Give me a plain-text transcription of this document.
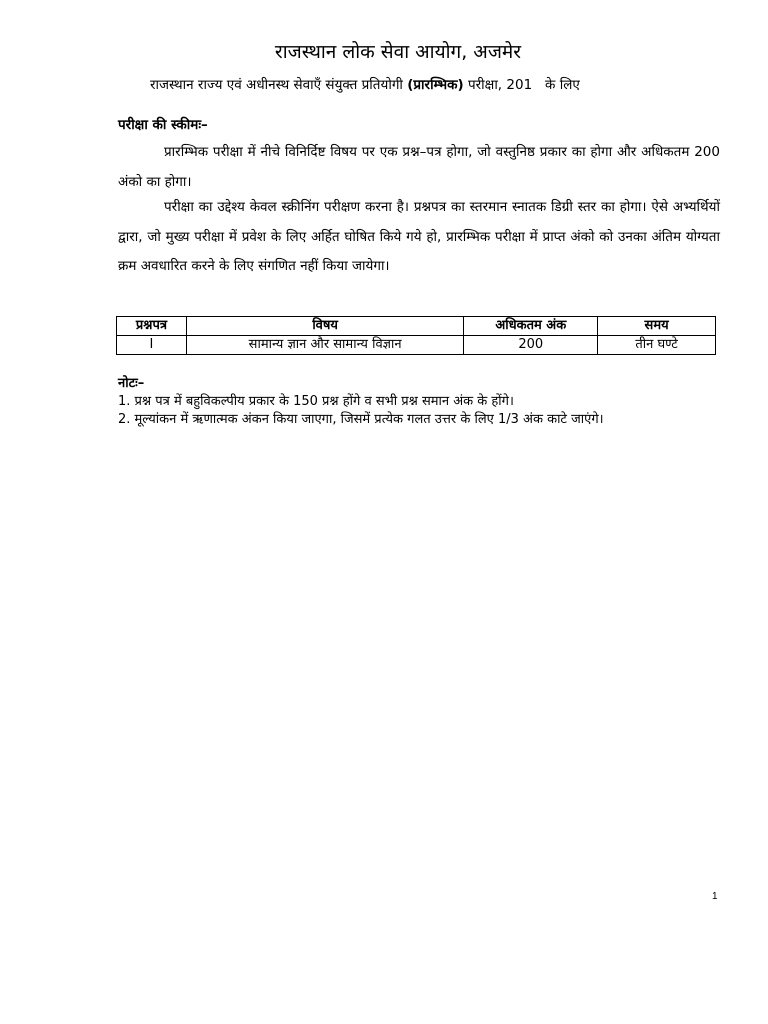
राजस्थान लोक सेवा आयोग, अजमेर
राजस्थान राज्य एवं अधीनस्थ सेवाएँ संयुक्त प्रतियोगी (प्रारम्भिक) परीक्षा, 201   के लिए
परीक्षा की स्कीमः–
प्रारम्भिक परीक्षा में नीचे विनिर्दिष्ट विषय पर एक प्रश्न–पत्र होगा, जो वस्तुनिष्ठ प्रकार का होगा और अधिकतम 200 अंको का होगा।
परीक्षा का उद्देश्य केवल स्क्रीनिंग परीक्षण करना है। प्रश्नपत्र का स्तरमान स्नातक डिग्री स्तर का होगा। ऐसे अभ्यर्थियों द्वारा, जो मुख्य परीक्षा में प्रवेश के लिए अर्हित घोषित किये गये हो, प्रारम्भिक परीक्षा में प्राप्त अंको को उनका अंतिम योग्यता क्रम अवधारित करने के लिए संगणित नहीं किया जायेगा।
प्रश्नपत्र	विषय	अधिकतम अंक	समय
I	सामान्य ज्ञान और सामान्य विज्ञान	200	तीन घण्टे
नोटः–
1. प्रश्न पत्र में बहुविकल्पीय प्रकार के 150 प्रश्न होंगे व सभी प्रश्न समान अंक के होंगे।
2. मूल्यांकन में ऋणात्मक अंकन किया जाएगा, जिसमें प्रत्येक गलत उत्तर के लिए 1/3 अंक काटे जाएंगे।
1
